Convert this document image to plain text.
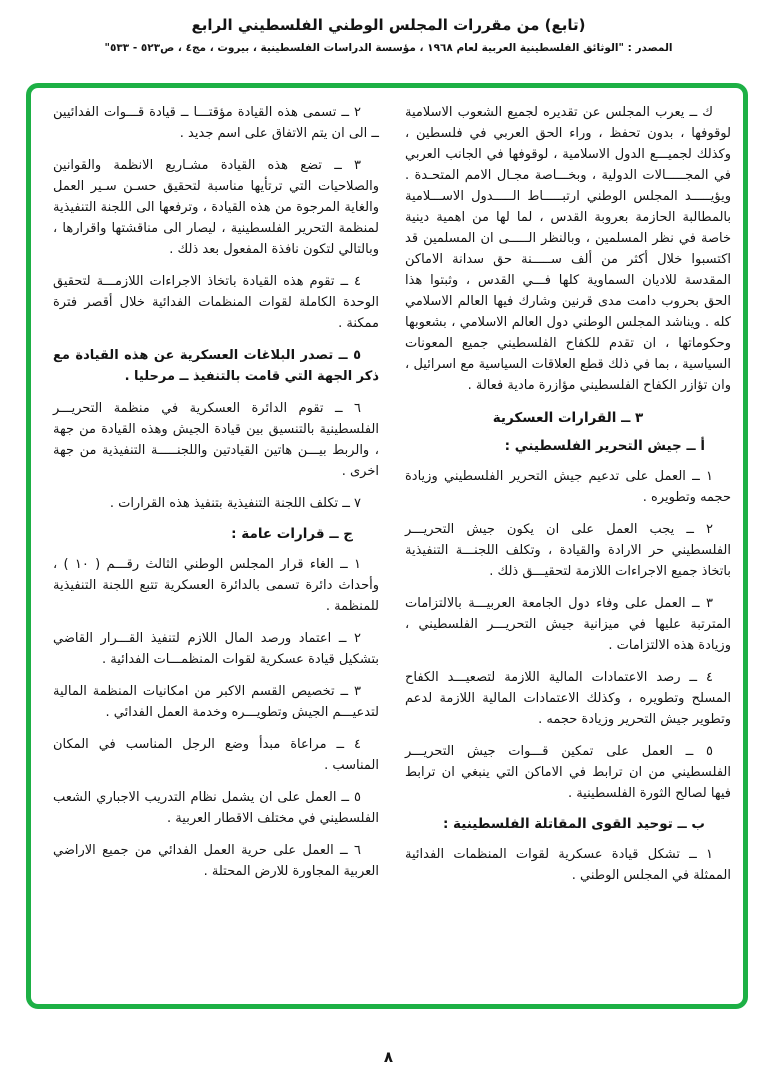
(تابع) من مقررات المجلس الوطني الفلسطيني الرابع
المصدر : "الوثائق الفلسطينية العربية لعام ١٩٦٨ ، مؤسسة الدراسات الفلسطينية ، بيروت ، مج٤ ، ص٥٢٣ - ٥٣٣"

ك ــ يعرب المجلس عن تقديره لجميع الشعوب الاسلامية لوقوفها ، بدون تحفظ ، وراء الحق العربي في فلسطين ، وكذلك لجميـــع الدول الاسلامية ، لوقوفها في الجانب العربي في المجـــــالات الدولية ، وبخـــاصة مجـال الامم المتحـدة . ويؤيـــــد المجلس الوطني ارتبـــــاط الـــــدول الاســـلامية بالمطالبة الحازمة بعروبة القدس ، لما لها من اهمية دينية خاصة في نظر المسلمين ، وبالنظر الـــــى ان المسلمين قد اكتسبوا خلال أكثر من ألف ســـــنة حق سدانة الاماكن المقدسة للاديان السماوية كلها فـــي القدس ، وثبتوا هذا الحق بحروب دامت مدى قرنين وشارك فيها العالم الاسلامي كله . ويناشد المجلس الوطني دول العالم الاسلامي ، بشعوبها وحكوماتها ، ان تقدم للكفاح الفلسطيني جميع المعونات السياسية ، بما في ذلك قطع العلاقات السياسية مع اسرائيل ، وان تؤازر الكفاح الفلسطيني مؤازرة مادية فعالة .

٣ ــ القرارات العسكرية
أ ــ جيش التحرير الفلسطيني :

١ ــ العمل على تدعيم جيش التحرير الفلسطيني وزيادة حجمه وتطويره .

٢ ــ يجب العمل على ان يكون جيش التحريـــر الفلسطيني حر الارادة والقيادة ، وتكلف اللجنـــة التنفيذية باتخاذ جميع الاجراءات اللازمة لتحقيـــق ذلك .

٣ ــ العمل على وفاء دول الجامعة العربيـــة بالالتزامات المترتبة عليها في ميزانية جيش التحريـــر الفلسطيني ، وزيادة هذه الالتزامات .

٤ ــ رصد الاعتمادات المالية اللازمة لتصعيـــد الكفاح المسلح وتطويره ، وكذلك الاعتمادات المالية اللازمة لدعم وتطوير جيش التحرير وزيادة حجمه .

٥ ــ العمل على تمكين قـــوات جيش التحريـــر الفلسطيني من ان ترابط في الاماكن التي ينبغي ان ترابط فيها لصالح الثورة الفلسطينية .

ب ــ توحيد القوى المقاتلة الفلسطينية :

١ ــ تشكل قيادة عسكرية لقوات المنظمات الفدائية الممثلة في المجلس الوطني .

٢ ــ تسمى هذه القيادة مؤقتـــا ــ قيادة قـــوات الفدائيين ــ الى ان يتم الاتفاق على اسم جديد .

٣ ــ تضع هذه القيادة مشـاريع الانظمة والقوانين والصلاحيات التي ترتأيها مناسبة لتحقيق حسـن سـير العمل والغاية المرجوة من هذه القيادة ، وترفعها الى اللجنة التنفيذية لمنظمة التحرير الفلسطينية ، ليصار الى مناقشتها واقرارها ، وبالتالي لتكون نافذة المفعول بعد ذلك .

٤ ــ تقوم هذه القيادة باتخاذ الاجراءات اللازمـــة لتحقيق الوحدة الكاملة لقوات المنظمات الفدائية خلال أقصر فترة ممكنة .

٥ ــ تصدر البلاغات العسكرية عن هذه القيادة مع ذكر الجهة التي قامت بالتنفيذ ــ مرحليا .

٦ ــ تقوم الدائرة العسكرية في منظمة التحريـــر الفلسطينية بالتنسيق بين قيادة الجيش وهذه القيادة من جهة ، والربط بيـــن هاتين القيادتين واللجنـــــة التنفيذية من جهة اخرى .

٧ ــ تكلف اللجنة التنفيذية بتنفيذ هذه القرارات .

ج ــ قرارات عامة :

١ ــ الغاء قرار المجلس الوطني الثالث رقـــم ( ١٠ ) ، وأحداث دائرة تسمى بالدائرة العسكرية تتبع اللجنة التنفيذية للمنظمة .

٢ ــ اعتماد ورصد المال اللازم لتنفيذ القـــرار القاضي بتشكيل قيادة عسكرية لقوات المنظمـــات الفدائية .

٣ ــ تخصيص القسم الاكبر من امكانيات المنظمة المالية لتدعيـــم الجيش وتطويـــره وخدمة العمل الفدائي .

٤ ــ مراعاة مبدأ وضع الرجل المناسب في المكان المناسب .

٥ ــ العمل على ان يشمل نظام التدريب الاجباري الشعب الفلسطيني في مختلف الاقطار العربية .

٦ ــ العمل على حرية العمل الفدائي من جميع الاراضي العربية المجاورة للارض المحتلة .

٨
